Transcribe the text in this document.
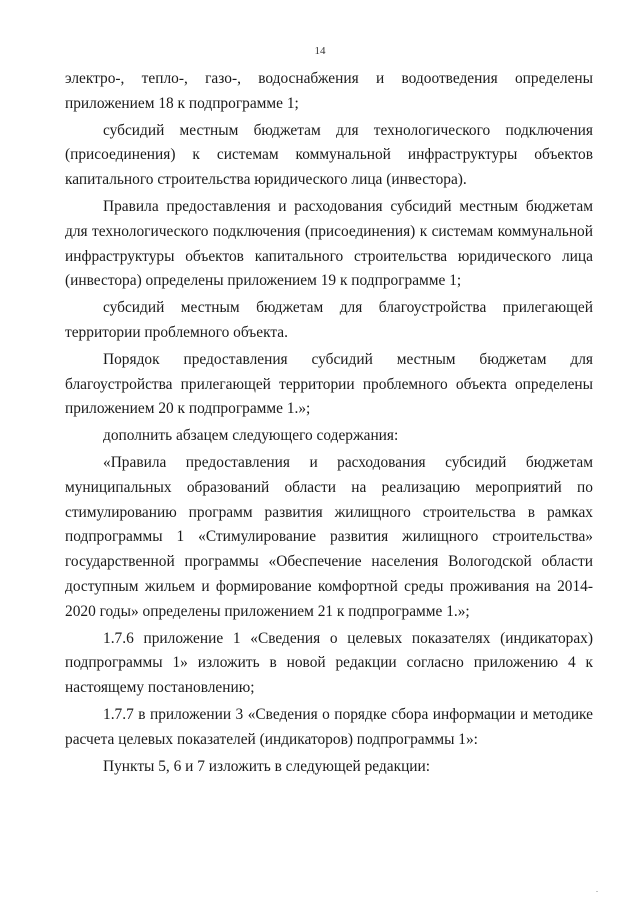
14

электро-, тепло-, газо-, водоснабжения и водоотведения определены приложением 18 к подпрограмме 1;

субсидий местным бюджетам для технологического подключения (присоединения) к системам коммунальной инфраструктуры объектов капитального строительства юридического лица (инвестора).

Правила предоставления и расходования субсидий местным бюджетам для технологического подключения (присоединения) к системам коммунальной инфраструктуры объектов капитального строительства юридического лица (инвестора) определены приложением 19 к подпрограмме 1;

субсидий местным бюджетам для благоустройства прилегающей территории проблемного объекта.

Порядок предоставления субсидий местным бюджетам для благоустройства прилегающей территории проблемного объекта определены приложением 20 к подпрограмме 1.»;

дополнить абзацем следующего содержания:

«Правила предоставления и расходования субсидий бюджетам муниципальных образований области на реализацию мероприятий по стимулированию программ развития жилищного строительства в рамках подпрограммы 1 «Стимулирование развития жилищного строительства» государственной программы «Обеспечение населения Вологодской области доступным жильем и формирование комфортной среды проживания на 2014-2020 годы» определены приложением 21 к подпрограмме 1.»;

1.7.6 приложение 1 «Сведения о целевых показателях (индикаторах) подпрограммы 1» изложить в новой редакции согласно приложению 4 к настоящему постановлению;

1.7.7 в приложении 3 «Сведения о порядке сбора информации и методике расчета целевых показателей (индикаторов) подпрограммы 1»:

Пункты 5, 6 и 7 изложить в следующей редакции:

.
